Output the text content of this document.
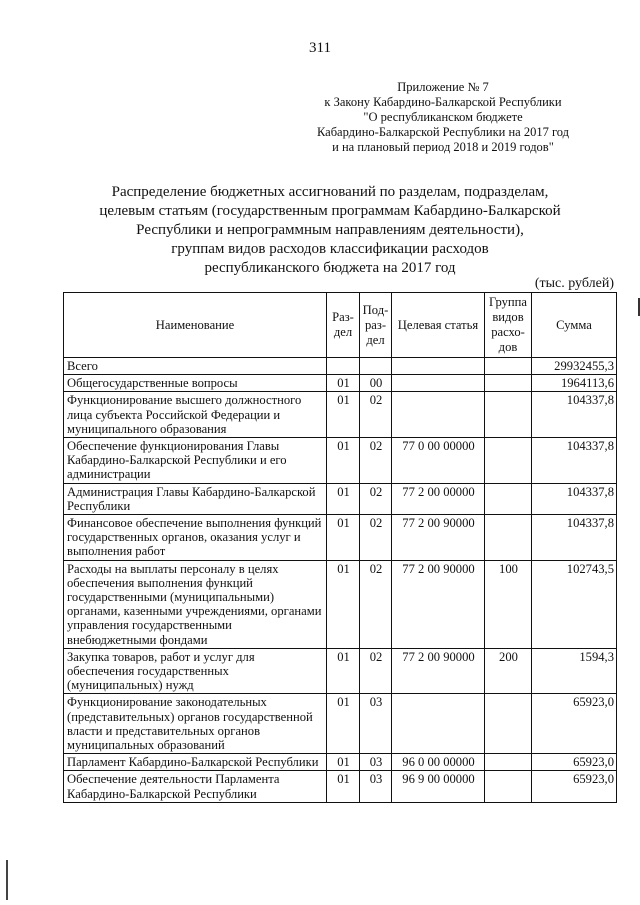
311
Приложение № 7
к Закону Кабардино-Балкарской Республики
"О республиканском бюджете
Кабардино-Балкарской Республики на 2017 год
и на плановый период 2018 и 2019 годов"
Распределение бюджетных ассигнований по разделам, подразделам,
целевым статьям (государственным программам Кабардино-Балкарской
Республики и непрограммным направлениям деятельности),
группам видов расходов классификации расходов
республиканского бюджета на 2017 год
(тыс. рублей)
Наименование	Раз-дел	Под-раз-дел	Целевая статья	Группа видов расхо-дов	Сумма
Всего					29932455,3
Общегосударственные вопросы	01	00			1964113,6
Функционирование высшего должностного лица субъекта Российской Федерации и муниципального образования	01	02			104337,8
Обеспечение функционирования Главы Кабардино-Балкарской Республики и его администрации	01	02	77 0 00 00000		104337,8
Администрация Главы Кабардино-Балкарской Республики	01	02	77 2 00 00000		104337,8
Финансовое обеспечение выполнения функций государственных органов, оказания услуг и выполнения работ	01	02	77 2 00 90000		104337,8
Расходы на выплаты персоналу в целях обеспечения выполнения функций государственными (муниципальными) органами, казенными учреждениями, органами управления государственными внебюджетными фондами	01	02	77 2 00 90000	100	102743,5
Закупка товаров, работ и услуг для обеспечения государственных (муниципальных) нужд	01	02	77 2 00 90000	200	1594,3
Функционирование законодательных (представительных) органов государственной власти и представительных органов муниципальных образований	01	03			65923,0
Парламент Кабардино-Балкарской Республики	01	03	96 0 00 00000		65923,0
Обеспечение деятельности Парламента Кабардино-Балкарской Республики	01	03	96 9 00 00000		65923,0
